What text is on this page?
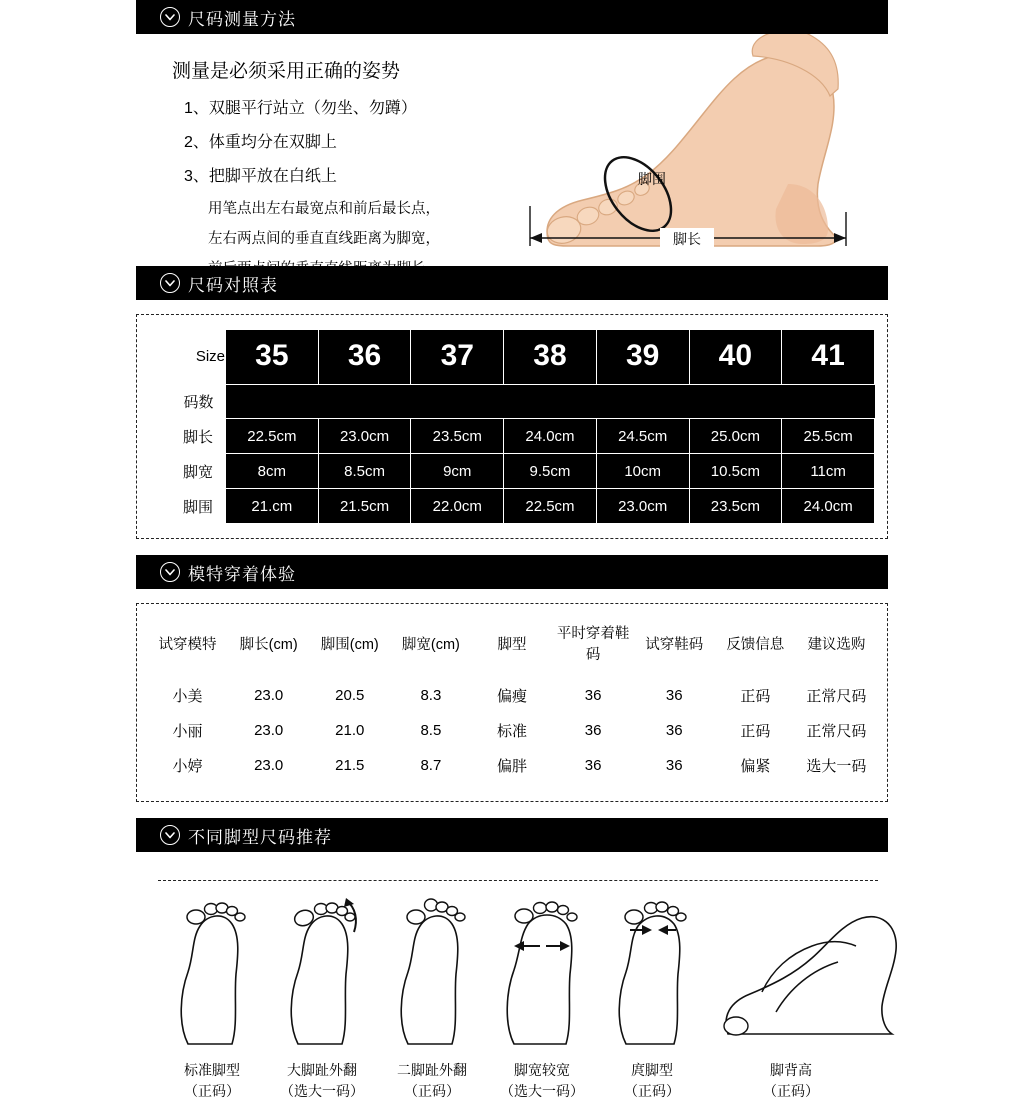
尺码测量方法
测量是必须采用正确的姿势
1、双腿平行站立（勿坐、勿蹲）
2、体重均分在双脚上
3、把脚平放在白纸上
用笔点出左右最宽点和前后最长点，
左右两点间的垂直直线距离为脚宽，
前后两点间的垂直直线距离为脚长。
脚围
脚长
尺码对照表
Size	35	36	37	38	39	40	41
码数							
脚长	22.5cm	23.0cm	23.5cm	24.0cm	24.5cm	25.0cm	25.5cm
脚宽	8cm	8.5cm	9cm	9.5cm	10cm	10.5cm	11cm
脚围	21.cm	21.5cm	22.0cm	22.5cm	23.0cm	23.5cm	24.0cm
模特穿着体验
试穿模特	脚长(cm)	脚围(cm)	脚宽(cm)	脚型	平时穿着鞋码	试穿鞋码	反馈信息	建议选购
小美	23.0	20.5	8.3	偏瘦	36	36	正码	正常尺码
小丽	23.0	21.0	8.5	标准	36	36	正码	正常尺码
小婷	23.0	21.5	8.7	偏胖	36	36	偏紧	选大一码
不同脚型尺码推荐
标准脚型
（正码）
大脚趾外翻
（选大一码）
二脚趾外翻
（正码）
脚宽较宽
（选大一码）
庹脚型
（正码）
脚背高
（正码）
